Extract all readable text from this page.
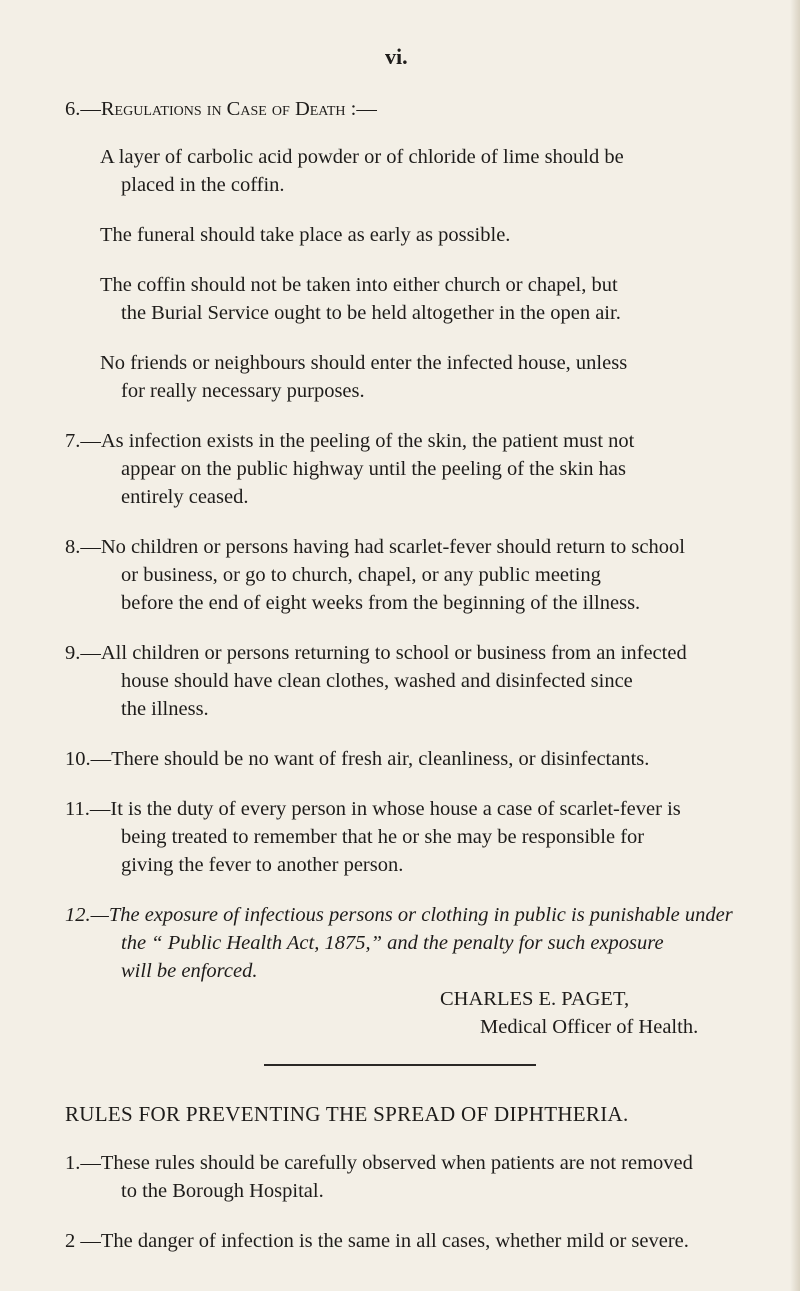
vi.
6.—Regulations in Case of Death :—
A layer of carbolic acid powder or of chloride of lime should be
placed in the coffin.
The funeral should take place as early as possible.
The coffin should not be taken into either church or chapel, but
the Burial Service ought to be held altogether in the open air.
No friends or neighbours should enter the infected house, unless
for really necessary purposes.
7.—As infection exists in the peeling of the skin, the patient must not
appear on the public highway until the peeling of the skin has
entirely ceased.
8.—No children or persons having had scarlet-fever should return to school
or business, or go to church, chapel, or any public meeting
before the end of eight weeks from the beginning of the illness.
9.—All children or persons returning to school or business from an infected
house should have clean clothes, washed and disinfected since
the illness.
10.—There should be no want of fresh air, cleanliness, or disinfectants.
11.—It is the duty of every person in whose house a case of scarlet-fever is
being treated to remember that he or she may be responsible for
giving the fever to another person.
12.—The exposure of infectious persons or clothing in public is punishable under
the “ Public Health Act, 1875,” and the penalty for such exposure
will be enforced.
CHARLES E. PAGET,
Medical Officer of Health.
RULES FOR PREVENTING THE SPREAD OF DIPHTHERIA.
1.—These rules should be carefully observed when patients are not removed
to the Borough Hospital.
2 —The danger of infection is the same in all cases, whether mild or severe.
